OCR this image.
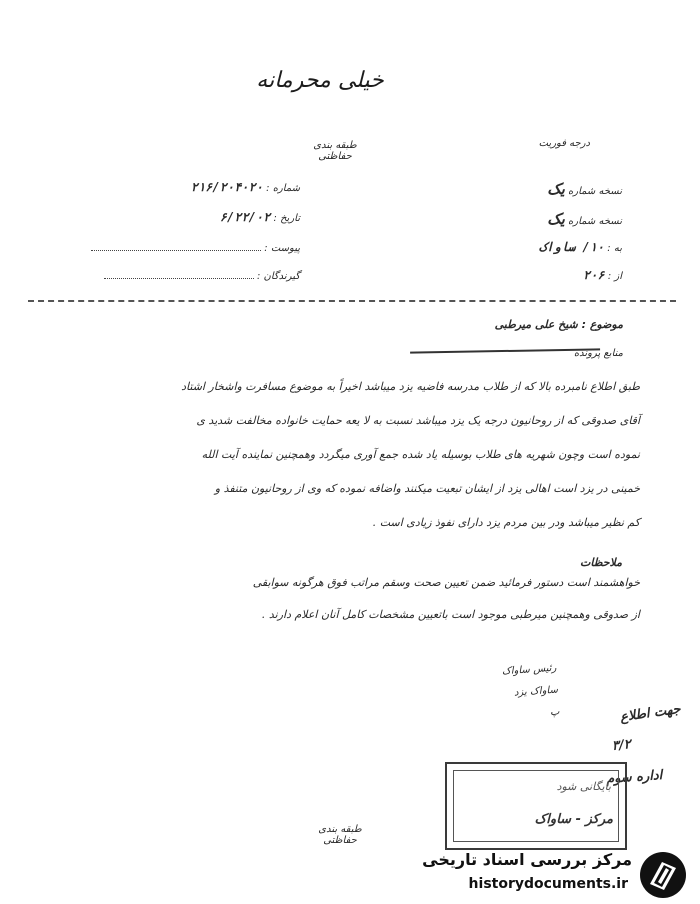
خیلی محرمانه
طبقه بندی حفاظتی
درجه فوریت
شماره : ۲۱۶/۲۰۴۰۲۰
تاریخ : ۶/۲۲/۰۲
پیوست :
گیرندگان :
نسخه شماره یک
نسخه شماره یک
به : ۱۰/ ساواک
از : ۲۰۶
موضوع : شیخ علی میرطبی
منابع پرونده
طبق اطلاع نامبرده بالا که از طلاب مدرسه فاضیه یزد میباشد اخیراً به موضوع مسافرت واشخار اشتاد
آقای صدوقی که از روحانیون درجه یک یزد میباشد نسبت به لا یعه حمایت خانواده مخالفت شدید ی
نموده است وچون شهریه های طلاب بوسیله یاد شده جمع آوری میگردد وهمچنین نماینده آیت الله
خمینی در یزد است اهالی یزد از ایشان تبعیت میکنند واضافه نموده که وی از روحانیون متنفذ و
کم نظیر میباشد ودر بین مردم یزد دارای نفوذ زیادی است .
ملاحظات
خواهشمند است دستور فرمائید ضمن تعیین صحت وسقم مراتب فوق هرگونه سوابقی
از صدوقی وهمچنین میرطبی موجود است باتعیین مشخصات کامل آنان اعلام دارند .
رئیس ساواک
ساواک یزد
پ	جهت اطلاع
۳/۲
اداره سوم
بایگانی شود
مرکز - ساواک
طبقه بندی حفاظتی
مرکز بررسی اسناد تاریخی
historydocuments.ir
